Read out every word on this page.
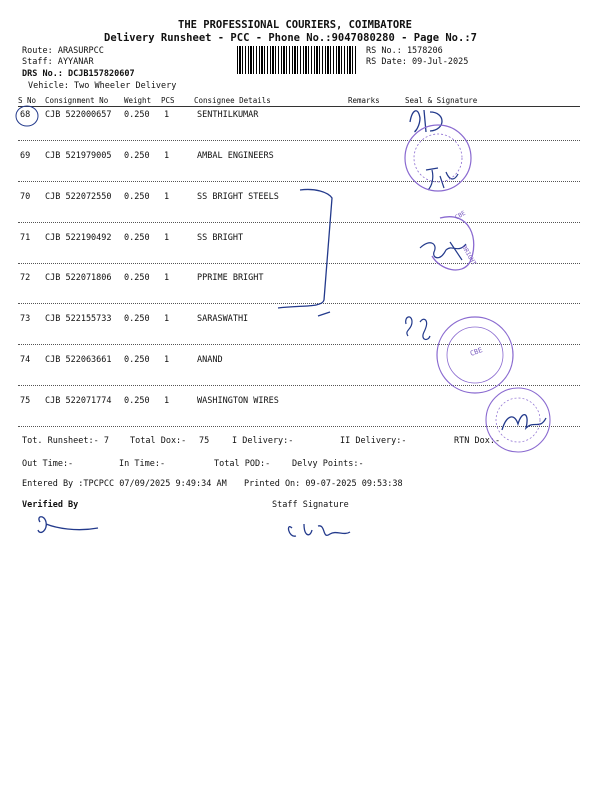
THE PROFESSIONAL COURIERS, COIMBATORE
Delivery Runsheet - PCC - Phone No.:9047080280 - Page No.:7
Route: ARASURPCC
Staff: AYYANAR
DRS No.: DCJB157820607
Vehicle: Two Wheeler Delivery
RS No.: 1578206
RS Date: 09-Jul-2025
S No Consignment No Weight PCS	Consignee Details	Remarks	Seal & Signature
68 CJB 522000657 0.250 1	SENTHILKUMAR
69 CJB 521979005 0.250 1	AMBAL ENGINEERS
70 CJB 522072550 0.250 1	SS BRIGHT STEELS
71 CJB 522190492 0.250 1	SS BRIGHT
72 CJB 522071806 0.250 1	PPRIME BRIGHT
73 CJB 522155733 0.250 1	SARASWATHI
74 CJB 522063661 0.250 1	ANAND
75 CJB 522071774 0.250 1	WASHINGTON WIRES
Tot. Runsheet:- 7 Total Dox:- 75	I Delivery:-	II Delivery:-	RTN Dox:-
Out Time:-	In Time:-	Total POD:-	Delvy Points:-
Entered By :TPCPCC 07/09/2025 9:49:34 AM Printed On: 09-07-2025 09:53:38
Verified By	Staff Signature
CBE
BRIGHT
CBE
